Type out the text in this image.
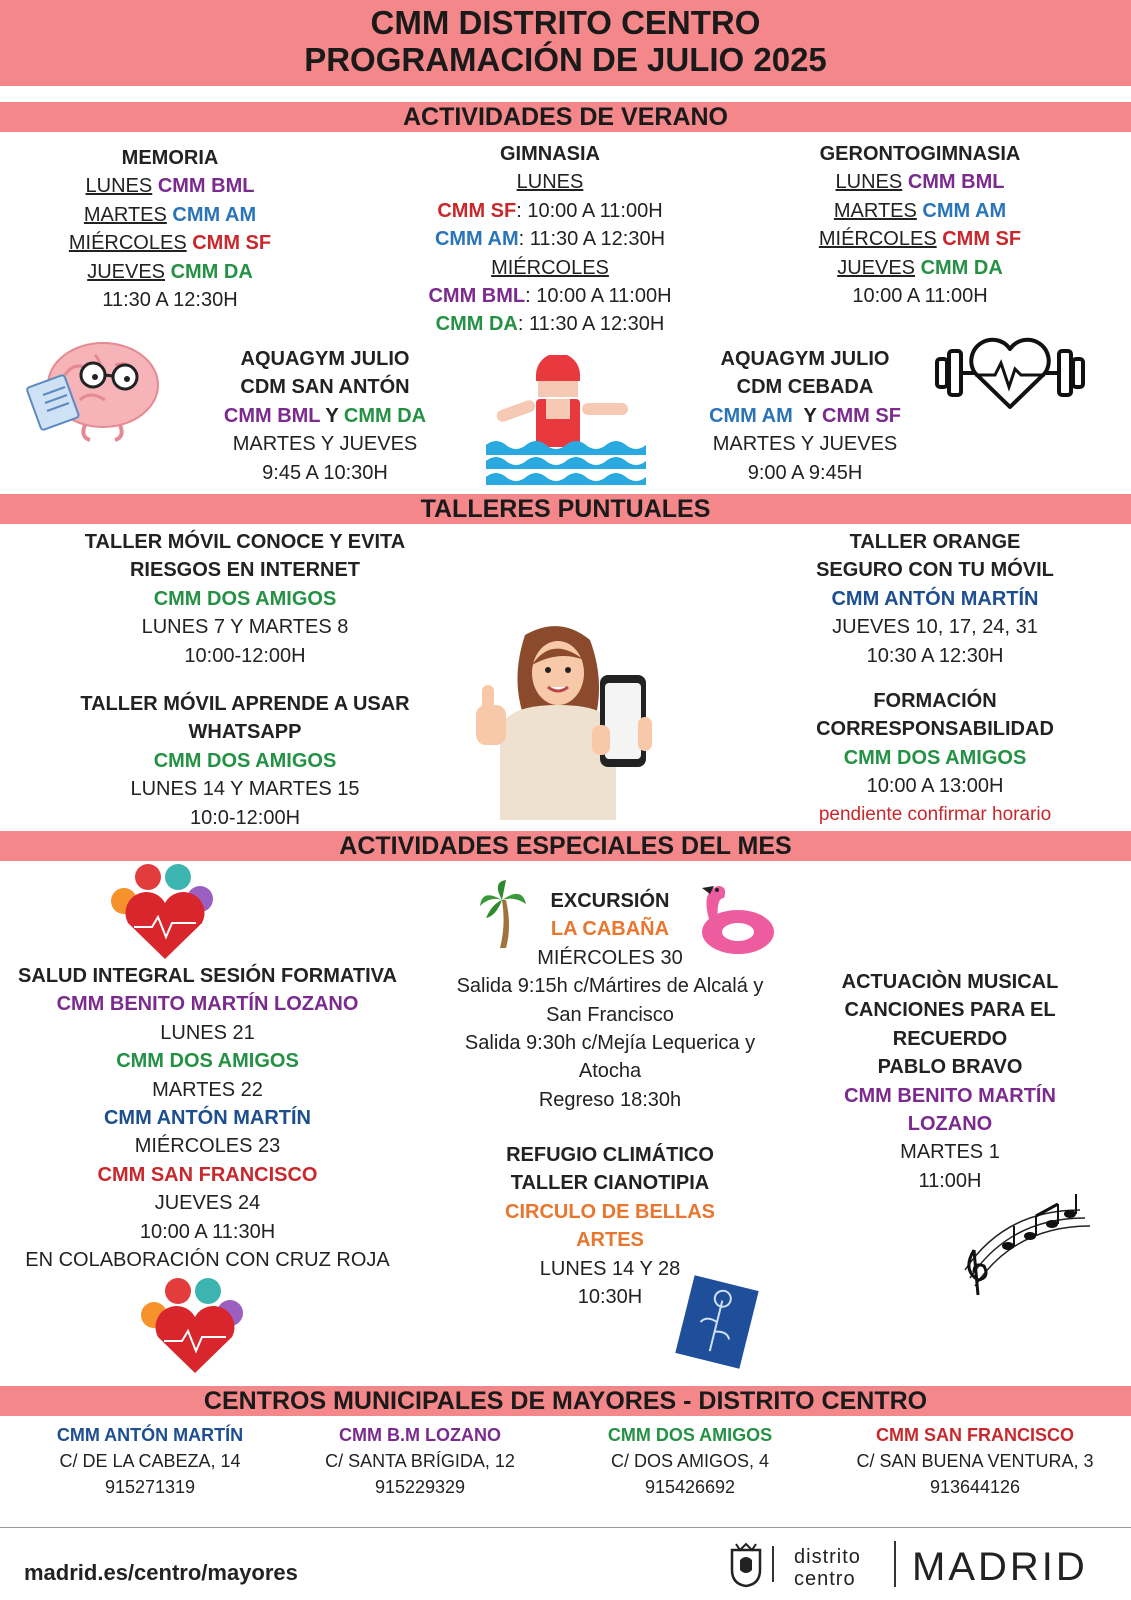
CMM DISTRITO CENTRO
PROGRAMACIÓN DE JULIO 2025
ACTIVIDADES DE VERANO
MEMORIA
LUNES CMM BML
MARTES CMM AM
MIÉRCOLES CMM SF
JUEVES CMM DA
11:30 A 12:30H
GIMNASIA
LUNES
CMM SF: 10:00 A 11:00H
CMM AM: 11:30 A 12:30H
MIÉRCOLES
CMM BML: 10:00 A 11:00H
CMM DA: 11:30 A 12:30H
GERONTOGIMNASIA
LUNES CMM BML
MARTES CMM AM
MIÉRCOLES CMM SF
JUEVES CMM DA
10:00 A 11:00H
AQUAGYM JULIO
CDM SAN ANTÓN
CMM BML Y CMM DA
MARTES Y JUEVES
9:45 A 10:30H
AQUAGYM JULIO
CDM CEBADA
CMM AM  Y CMM SF
MARTES Y JUEVES
9:00 A 9:45H
TALLERES PUNTUALES
TALLER MÓVIL CONOCE Y EVITA
RIESGOS EN INTERNET
CMM DOS AMIGOS
LUNES 7 Y MARTES 8
10:00-12:00H
TALLER MÓVIL APRENDE A USAR
WHATSAPP
CMM DOS AMIGOS
LUNES 14 Y MARTES 15
10:0-12:00H
TALLER ORANGE
SEGURO CON TU MÓVIL
CMM ANTÓN MARTÍN
JUEVES 10, 17, 24, 31
10:30 A 12:30H
FORMACIÓN
CORRESPONSABILIDAD
CMM DOS AMIGOS
10:00 A 13:00H
pendiente confirmar horario
ACTIVIDADES ESPECIALES DEL MES
SALUD INTEGRAL SESIÓN FORMATIVA
CMM BENITO MARTÍN LOZANO
LUNES 21
CMM DOS AMIGOS
MARTES 22
CMM ANTÓN MARTÍN
MIÉRCOLES 23
CMM SAN FRANCISCO
JUEVES 24
10:00 A 11:30H
EN COLABORACIÓN CON CRUZ ROJA
EXCURSIÓN
LA CABAÑA
MIÉRCOLES 30
Salida 9:15h c/Mártires de Alcalá y
San Francisco
Salida 9:30h c/Mejía Lequerica y
Atocha
Regreso 18:30h
REFUGIO CLIMÁTICO
TALLER CIANOTIPIA
CIRCULO DE BELLAS
ARTES
LUNES 14 Y 28
10:30H
ACTUACIÒN MUSICAL
CANCIONES PARA EL
RECUERDO
PABLO BRAVO
CMM BENITO MARTÍN
LOZANO
MARTES 1
11:00H
CENTROS MUNICIPALES DE MAYORES - DISTRITO CENTRO
CMM ANTÓN MARTÍN
C/ DE LA CABEZA, 14
915271319
CMM B.M LOZANO
C/ SANTA BRÍGIDA, 12
915229329
CMM DOS AMIGOS
C/ DOS AMIGOS, 4
915426692
CMM SAN FRANCISCO
C/ SAN BUENA VENTURA, 3
913644126
madrid.es/centro/mayores
distrito
centro MADRID
